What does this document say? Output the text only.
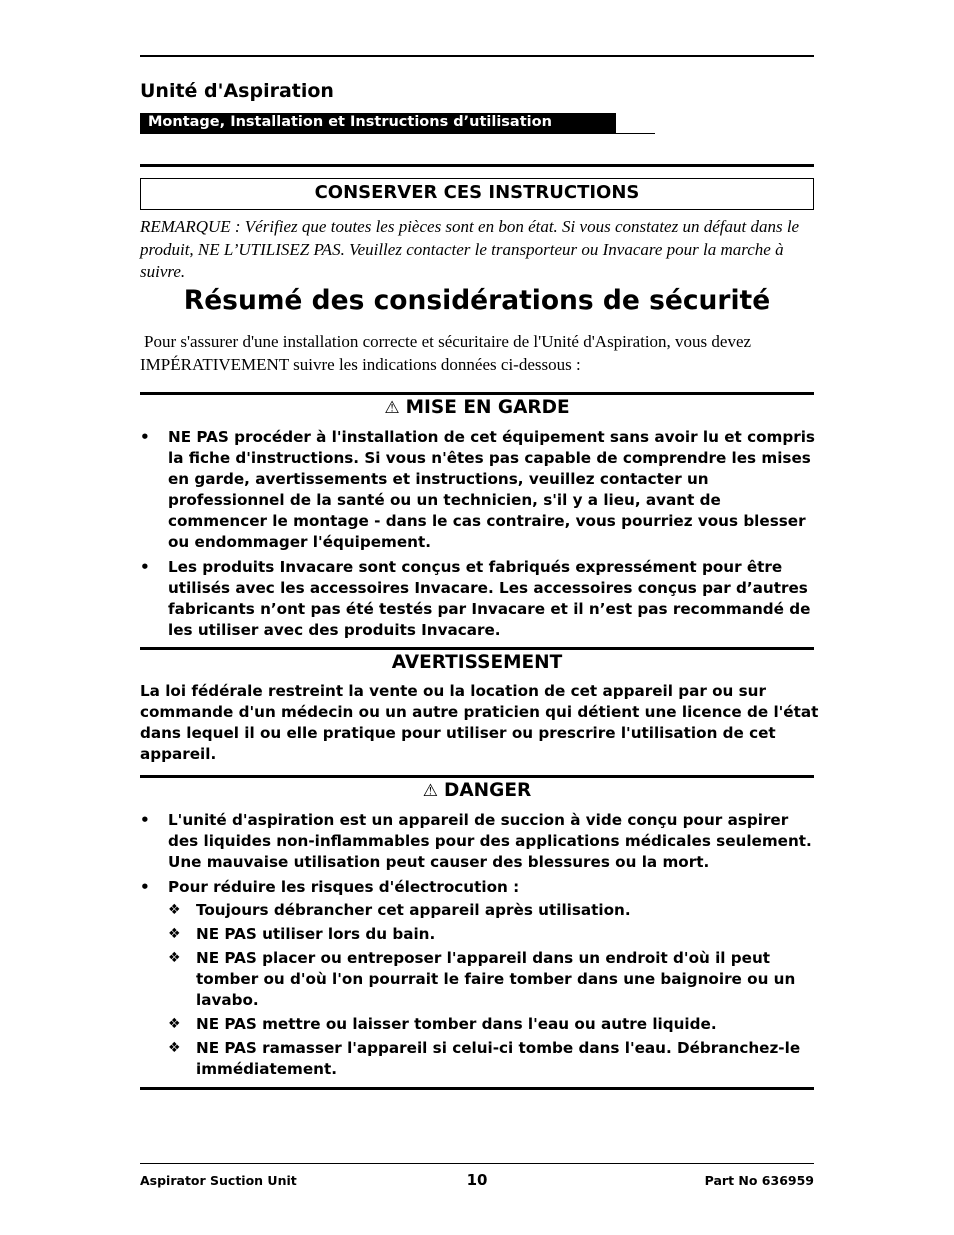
Unité d'Aspiration
Montage, Installation et Instructions d’utilisation
CONSERVER CES INSTRUCTIONS
REMARQUE : Vérifiez que toutes les pièces sont en bon état. Si vous constatez un défaut dans le produit, NE L’UTILISEZ PAS. Veuillez contacter le transporteur ou Invacare pour la marche à suivre.
Résumé des considérations de sécurité
Pour s'assurer d'une installation correcte et sécuritaire de l'Unité d'Aspiration, vous devez IMPÉRATIVEMENT suivre les indications données ci-dessous :
⚠ MISE EN GARDE
• NE PAS procéder à l'installation de cet équipement sans avoir lu et compris la fiche d'instructions. Si vous n'êtes pas capable de comprendre les mises en garde, avertissements et instructions, veuillez contacter un professionnel de la santé ou un technicien, s'il y a lieu, avant de commencer le montage - dans le cas contraire, vous pourriez vous blesser ou endommager l'équipement.
• Les produits Invacare sont conçus et fabriqués expressément pour être utilisés avec les accessoires Invacare. Les accessoires conçus par d’autres fabricants n’ont pas été testés par Invacare et il n’est pas recommandé de les utiliser avec des produits Invacare.
AVERTISSEMENT
La loi fédérale restreint la vente ou la location de cet appareil par ou sur commande d'un médecin ou un autre praticien qui détient une licence de l'état dans lequel il ou elle pratique pour utiliser ou prescrire l'utilisation de cet appareil.
⚠ DANGER
• L'unité d'aspiration est un appareil de succion à vide conçu pour aspirer des liquides non-inflammables pour des applications médicales seulement. Une mauvaise utilisation peut causer des blessures ou la mort.
• Pour réduire les risques d'électrocution :
❖ Toujours débrancher cet appareil après utilisation.
❖ NE PAS utiliser lors du bain.
❖ NE PAS placer ou entreposer l'appareil dans un endroit d'où il peut tomber ou d'où l'on pourrait le faire tomber dans une baignoire ou un lavabo.
❖ NE PAS mettre ou laisser tomber dans l'eau ou autre liquide.
❖ NE PAS ramasser l'appareil si celui-ci tombe dans l'eau. Débranchez-le immédiatement.
Aspirator Suction Unit	10	Part No 636959
